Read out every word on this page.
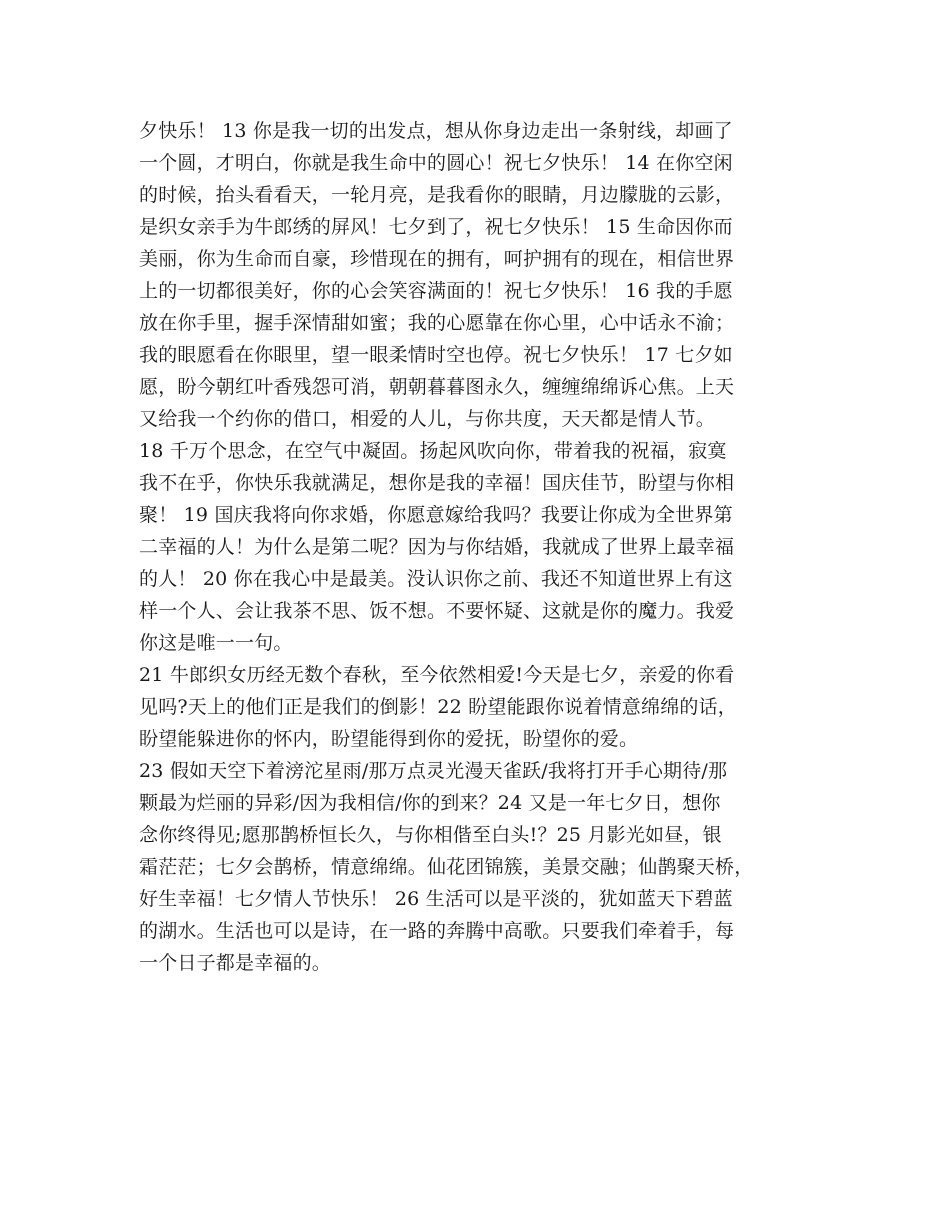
夕快乐！ 13 你是我一切的出发点，想从你身边走出一条射线，却画了
一个圆，才明白，你就是我生命中的圆心！祝七夕快乐！ 14 在你空闲
的时候，抬头看看天，一轮月亮，是我看你的眼睛，月边朦胧的云影，
是织女亲手为牛郎绣的屏风！七夕到了，祝七夕快乐！ 15 生命因你而
美丽，你为生命而自豪，珍惜现在的拥有，呵护拥有的现在，相信世界
上的一切都很美好，你的心会笑容满面的！祝七夕快乐！ 16 我的手愿
放在你手里，握手深情甜如蜜；我的心愿靠在你心里，心中话永不渝；
我的眼愿看在你眼里，望一眼柔情时空也停。祝七夕快乐！ 17 七夕如
愿，盼今朝红叶香残怨可消，朝朝暮暮图永久，缠缠绵绵诉心焦。上天
又给我一个约你的借口，相爱的人儿，与你共度，天天都是情人节。
18 千万个思念，在空气中凝固。扬起风吹向你，带着我的祝福，寂寞
我不在乎，你快乐我就满足，想你是我的幸福！国庆佳节，盼望与你相
聚！ 19 国庆我将向你求婚，你愿意嫁给我吗？我要让你成为全世界第
二幸福的人！为什么是第二呢？因为与你结婚，我就成了世界上最幸福
的人！ 20 你在我心中是最美。没认识你之前、我还不知道世界上有这
样一个人、会让我茶不思、饭不想。不要怀疑、这就是你的魔力。我爱
你这是唯一一句。
21 牛郎织女历经无数个春秋，至今依然相爱!今天是七夕，亲爱的你看
见吗?天上的他们正是我们的倒影！22 盼望能跟你说着情意绵绵的话，
盼望能躲进你的怀内，盼望能得到你的爱抚，盼望你的爱。
23 假如天空下着滂沱星雨/那万点灵光漫天雀跃/我将打开手心期待/那
颗最为烂丽的异彩/因为我相信/你的到来？24 又是一年七夕日，想你
念你终得见;愿那鹊桥恒长久，与你相偕至白头!？25 月影光如昼，银
霜茫茫；七夕会鹊桥，情意绵绵。仙花团锦簇，美景交融；仙鹊聚天桥，
好生幸福！七夕情人节快乐！ 26 生活可以是平淡的，犹如蓝天下碧蓝
的湖水。生活也可以是诗，在一路的奔腾中高歌。只要我们牵着手，每
一个日子都是幸福的。
